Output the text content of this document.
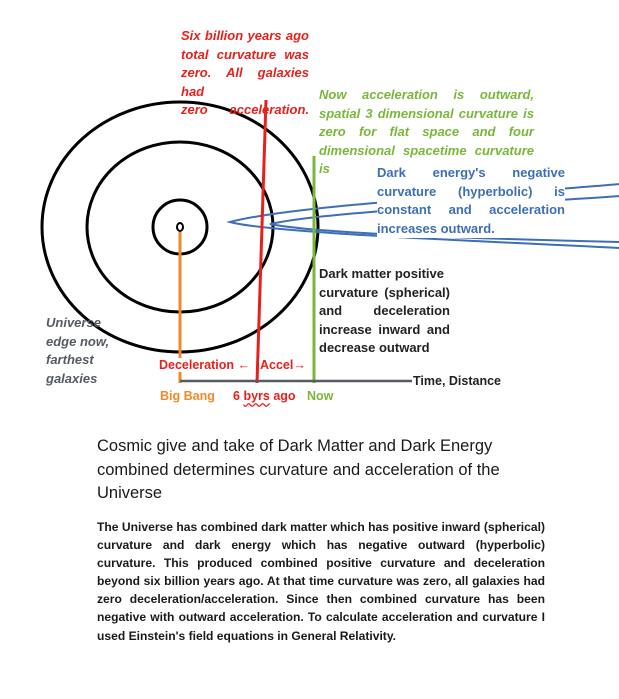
Six billion years ago
total curvature was
zero. All galaxies had
zero acceleration.
Now acceleration is outward,
spatial 3 dimensional curvature is
zero for flat space and four
dimensional spacetime curvature is	Dark energy's negative
curvature (hyperbolic) is
constant and acceleration
increases outward.
Dark matter positive
curvature (spherical)
and deceleration
increase inward and
decrease outward
Universe
edge now,
farthest
galaxies
Deceleration ← Accel→
Time, Distance
Big Bang 6 byrs ago Now
Cosmic give and take of Dark Matter and Dark Energy combined determines curvature and acceleration of the Universe
The Universe has combined dark matter which has positive inward (spherical) curvature and dark energy which has negative outward (hyperbolic) curvature. This produced combined positive curvature and deceleration beyond six billion years ago. At that time curvature was zero, all galaxies had zero deceleration/acceleration. Since then combined curvature has been negative with outward acceleration. To calculate acceleration and curvature I used Einstein's field equations in General Relativity.
